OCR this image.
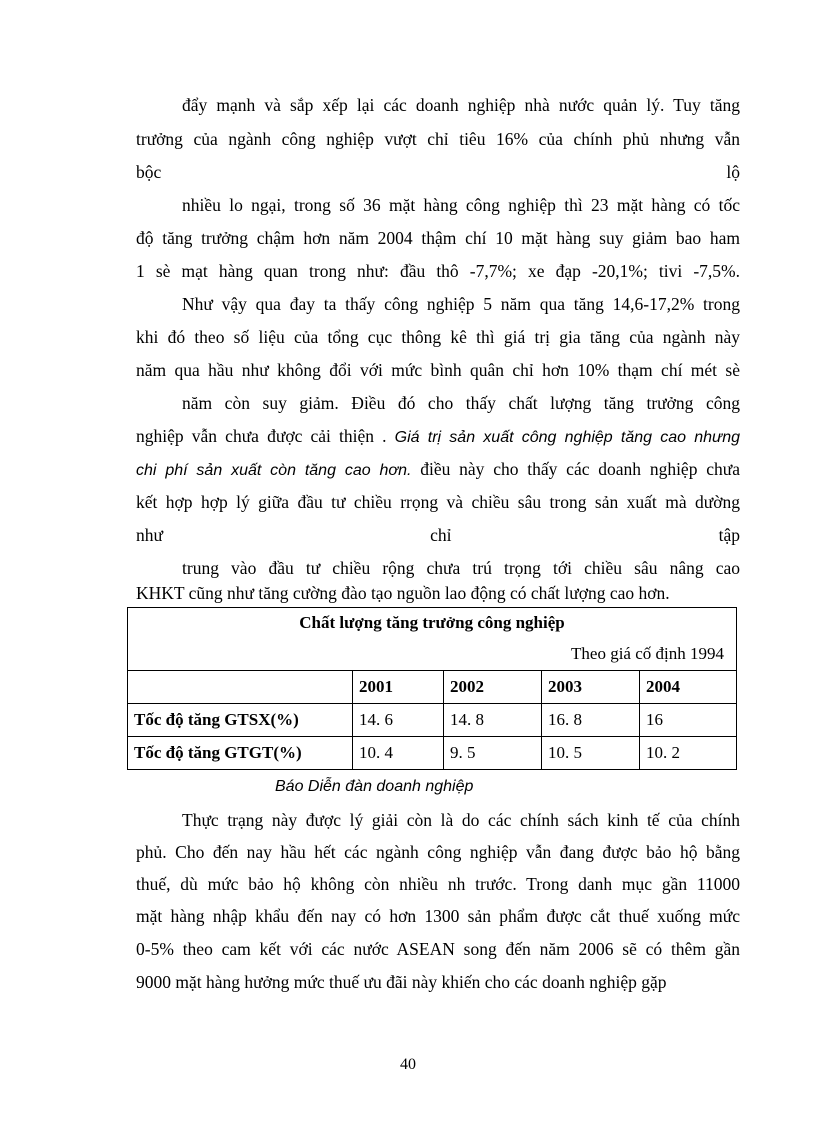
đẩy mạnh và sắp xếp lại các doanh nghiệp nhà nước quản lý. Tuy tăng
trưởng của ngành công nghiệp vượt chỉ tiêu 16% của chính phủ nhưng vẫn
bộc	lộ
nhiều lo ngại, trong số 36 mặt hàng công nghiệp thì 23 mặt hàng có tốc
độ tăng trưởng chậm hơn năm 2004 thậm chí 10 mặt hàng suy giảm bao ham
1 sè mạt hàng quan trong như: đầu thô -7,7%; xe đạp -20,1%; tivi -7,5%.
Như vậy qua đay ta thấy công nghiệp 5 năm qua tăng 14,6-17,2% trong
khi đó theo số liệu của tổng cục thông kê thì giá trị gia tăng của ngành này
năm qua hầu như không đổi với mức bình quân chỉ hơn 10% thạm chí mét sè
năm còn suy giảm. Điều đó cho thấy chất lượng tăng trưởng công
nghiệp vẫn chưa được cải thiện . Giá trị sản xuất công nghiệp tăng cao nhưng
chi phí sản xuất còn tăng cao hơn. điều này cho thấy các doanh nghiệp chưa
kết hợp hợp lý giữa đầu tư chiều rrọng và chiều sâu trong sản xuất mà dường
như	chỉ	tập
trung vào đầu tư chiều rộng chưa trú trọng tới chiều sâu nâng cao
KHKT cũng như tăng cường đào tạo nguồn lao động có chất lượng cao hơn.
Chất lượng tăng trưởng công nghiệp				
Theo giá cố định 1994				
	2001	2002	2003	2004
Tốc độ tăng GTSX(%)	14. 6	14. 8	16. 8	16
Tốc độ tăng GTGT(%)	10. 4	9. 5	10. 5	10. 2
Báo Diễn đàn doanh nghiệp
Thực trạng này được lý giải còn là do các chính sách kinh tế của chính
phủ. Cho đến nay hầu hết các ngành công nghiệp vẫn đang được bảo hộ bằng
thuế, dù mức bảo hộ không còn nhiều nh trước. Trong danh mục gần 11000
mặt hàng nhập khẩu đến nay có hơn 1300 sản phẩm được cắt thuế xuống mức
0-5% theo cam kết với các nước ASEAN song đến năm 2006 sẽ có thêm gần
9000 mặt hàng hưởng mức thuế ưu đãi này khiến cho các doanh nghiệp gặp
40
